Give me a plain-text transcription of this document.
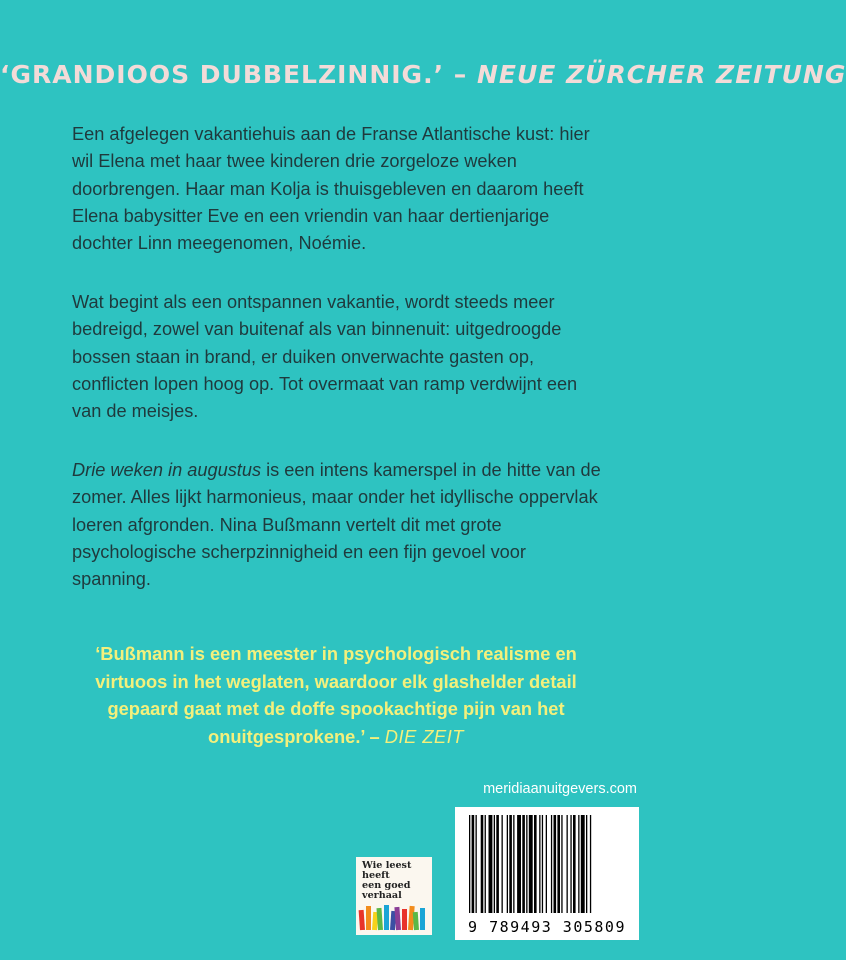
‘GRANDIOOS DUBBELZINNIG.’ – NEUE ZÜRCHER ZEITUNG

Een afgelegen vakantiehuis aan de Franse Atlantische kust: hier wil Elena met haar twee kinderen drie zorgeloze weken doorbrengen. Haar man Kolja is thuisgebleven en daarom heeft Elena babysitter Eve en een vriendin van haar dertienjarige dochter Linn meegenomen, Noémie.

Wat begint als een ontspannen vakantie, wordt steeds meer bedreigd, zowel van buitenaf als van binnenuit: uitgedroogde bossen staan in brand, er duiken onverwachte gasten op, conflicten lopen hoog op. Tot overmaat van ramp verdwijnt een van de meisjes.

Drie weken in augustus is een intens kamerspel in de hitte van de zomer. Alles lijkt harmonieus, maar onder het idyllische oppervlak loeren afgronden. Nina Bußmann vertelt dit met grote psychologische scherpzinnigheid en een fijn gevoel voor spanning.

‘Bußmann is een meester in psychologisch realisme en virtuoos in het weglaten, waardoor elk glashelder detail gepaard gaat met de doffe spookachtige pijn van het onuitgesprokene.’ – DIE ZEIT
meridiaanuitgevers.com
Wie leest
heeft
een goed
verhaal
9 789493 305809
